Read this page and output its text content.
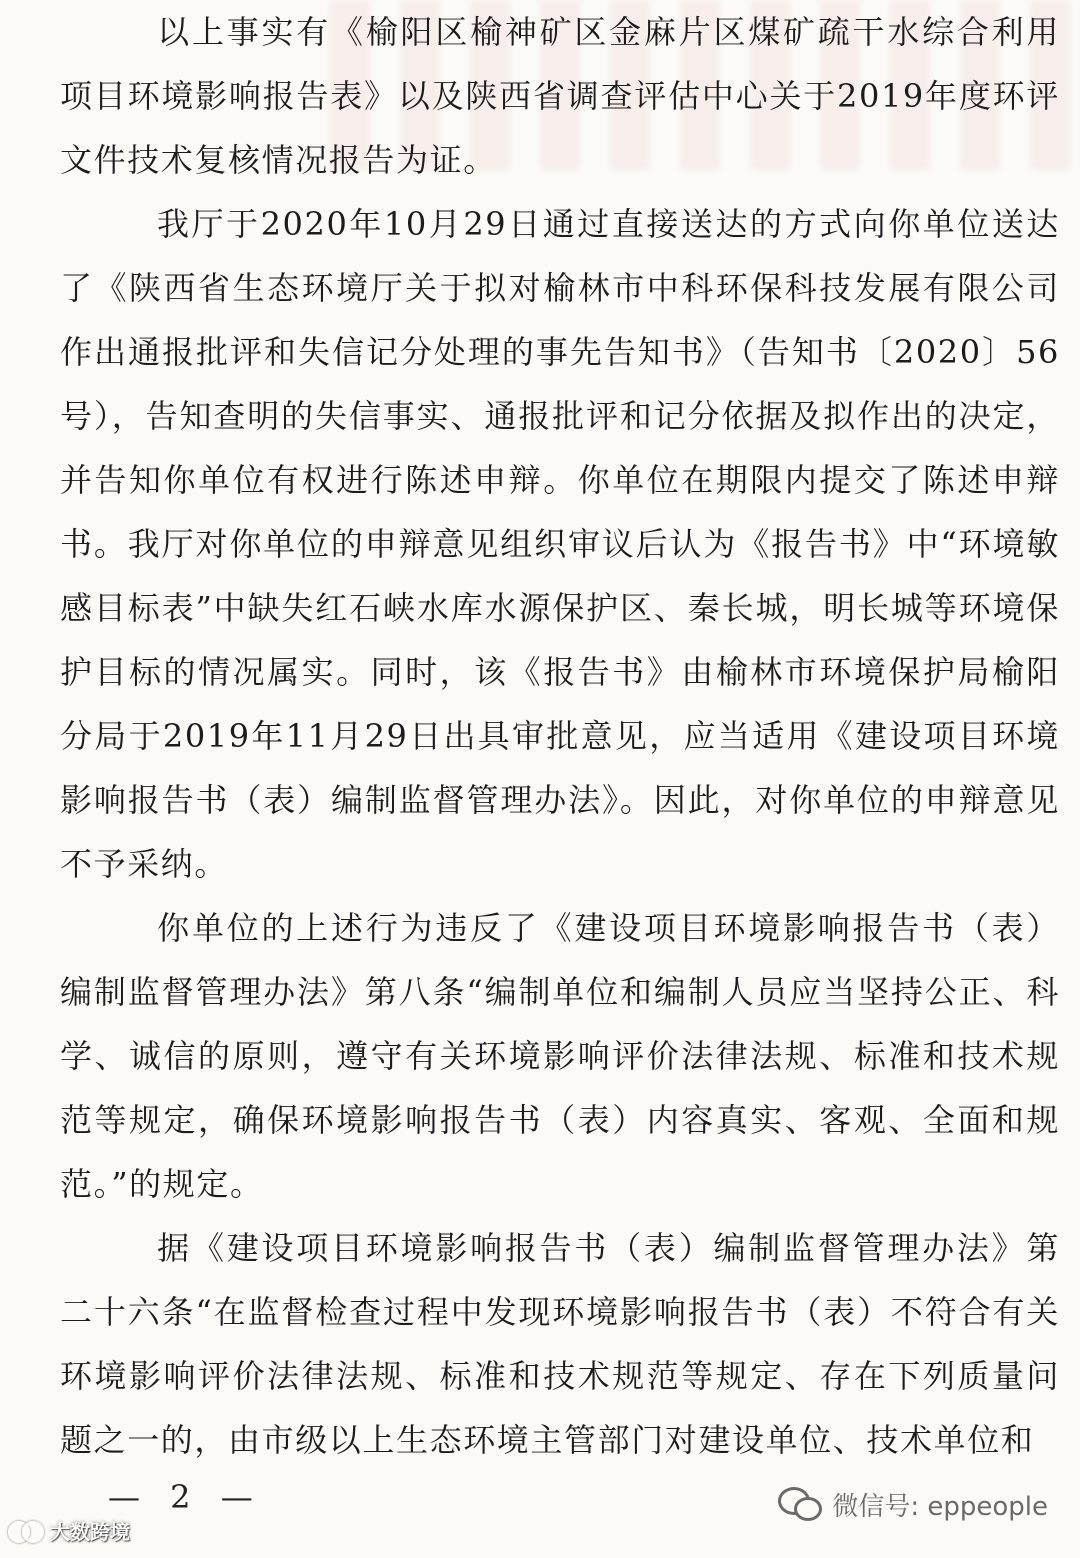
以上事实有《榆阳区榆神矿区金麻片区煤矿疏干水综合利用项目环境影响报告表》以及陕西省调查评估中心关于2019年度环评文件技术复核情况报告为证。

我厅于2020年10月29日通过直接送达的方式向你单位送达了《陕西省生态环境厅关于拟对榆林市中科环保科技发展有限公司作出通报批评和失信记分处理的事先告知书》（告知书〔2020〕56号），告知查明的失信事实、通报批评和记分依据及拟作出的决定，并告知你单位有权进行陈述申辩。你单位在期限内提交了陈述申辩书。我厅对你单位的申辩意见组织审议后认为《报告书》中“环境敏感目标表”中缺失红石峡水库水源保护区、秦长城，明长城等环境保护目标的情况属实。同时，该《报告书》由榆林市环境保护局榆阳分局于2019年11月29日出具审批意见，应当适用《建设项目环境影响报告书（表）编制监督管理办法》。因此，对你单位的申辩意见不予采纳。

你单位的上述行为违反了《建设项目环境影响报告书（表）编制监督管理办法》第八条“编制单位和编制人员应当坚持公正、科学、诚信的原则，遵守有关环境影响评价法律法规、标准和技术规范等规定，确保环境影响报告书（表）内容真实、客观、全面和规范。”的规定。

据《建设项目环境影响报告书（表）编制监督管理办法》第二十六条“在监督检查过程中发现环境影响报告书（表）不符合有关环境影响评价法律法规、标准和技术规范等规定、存在下列质量问题之一的，由市级以上生态环境主管部门对建设单位、技术单位和

— 2 —	微信号: eppeople
大数跨境
